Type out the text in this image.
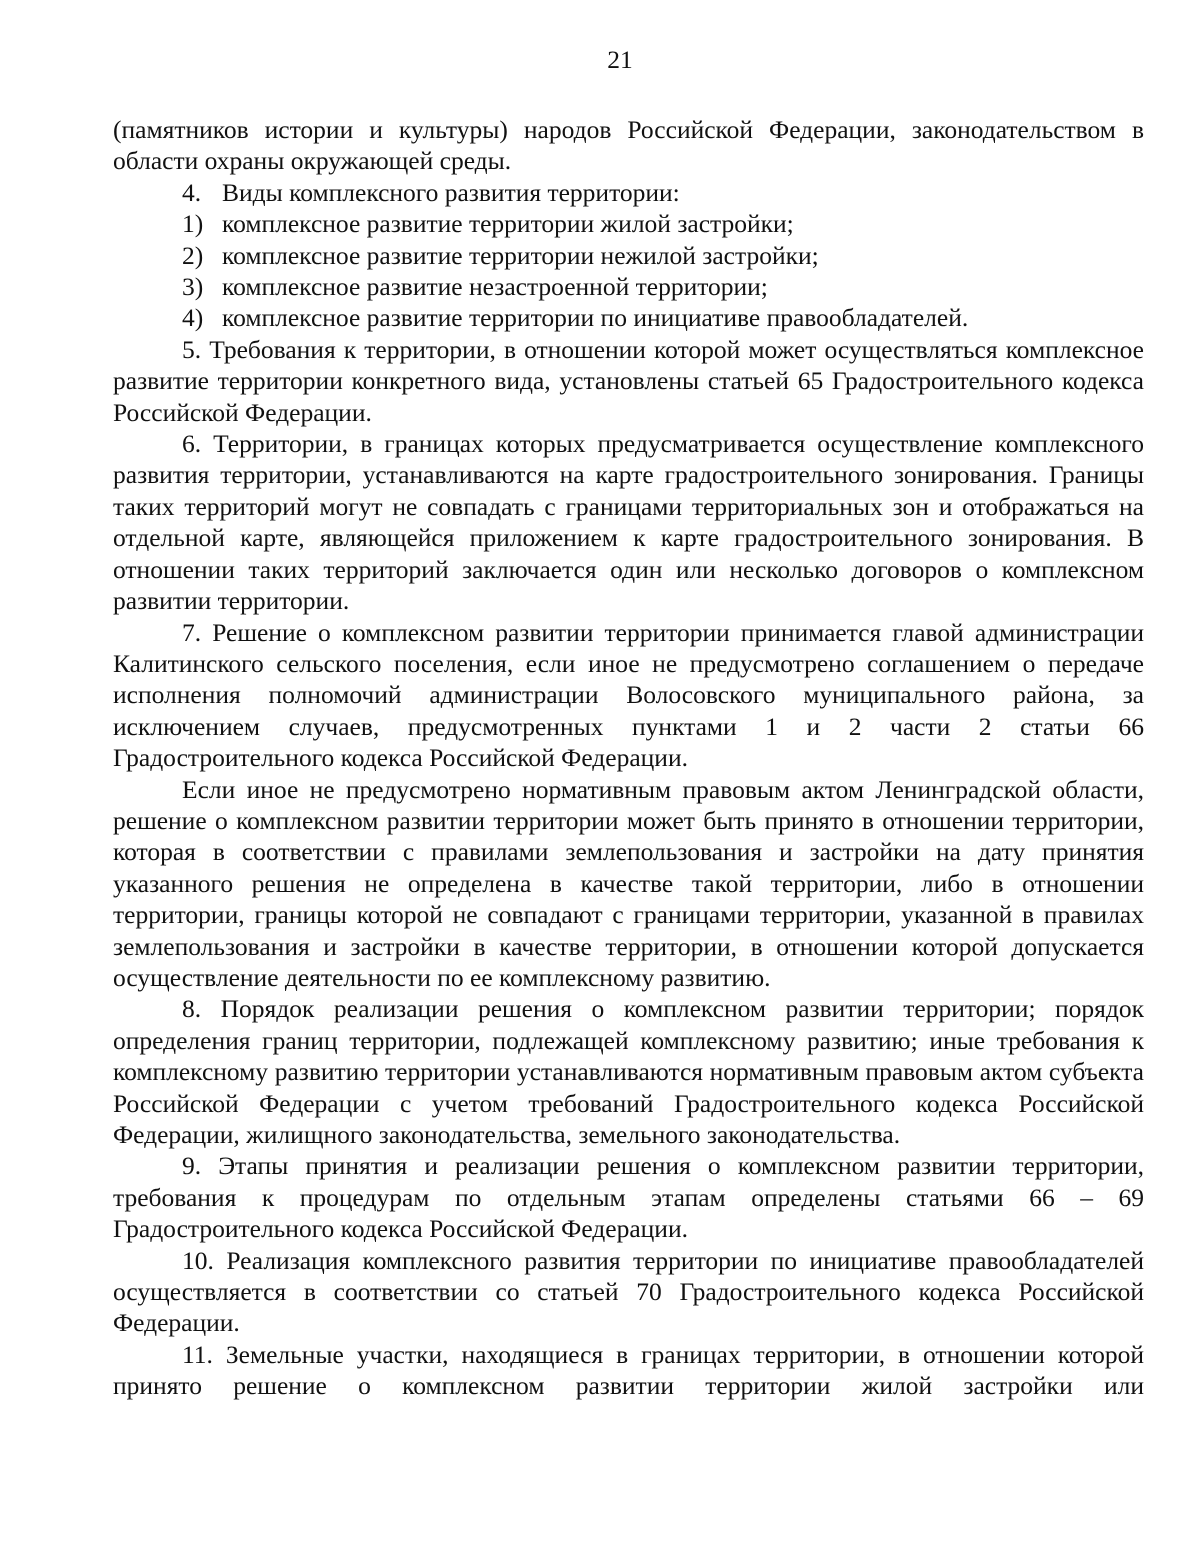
21

(памятников истории и культуры) народов Российской Федерации, законодательством в области охраны окружающей среды.

4. Виды комплексного развития территории:
1) комплексное развитие территории жилой застройки;
2) комплексное развитие территории нежилой застройки;
3) комплексное развитие незастроенной территории;
4) комплексное развитие территории по инициативе правообладателей.

5. Требования к территории, в отношении которой может осуществляться комплексное развитие территории конкретного вида, установлены статьей 65 Градостроительного кодекса Российской Федерации.

6. Территории, в границах которых предусматривается осуществление комплексного развития территории, устанавливаются на карте градостроительного зонирования. Границы таких территорий могут не совпадать с границами территориальных зон и отображаться на отдельной карте, являющейся приложением к карте градостроительного зонирования. В отношении таких территорий заключается один или несколько договоров о комплексном развитии территории.

7. Решение о комплексном развитии территории принимается главой администрации Калитинского сельского поселения, если иное не предусмотрено соглашением о передаче исполнения полномочий администрации Волосовского муниципального района, за исключением случаев, предусмотренных пунктами 1 и 2 части 2 статьи 66 Градостроительного кодекса Российской Федерации.

Если иное не предусмотрено нормативным правовым актом Ленинградской области, решение о комплексном развитии территории может быть принято в отношении территории, которая в соответствии с правилами землепользования и застройки на дату принятия указанного решения не определена в качестве такой территории, либо в отношении территории, границы которой не совпадают с границами территории, указанной в правилах землепользования и застройки в качестве территории, в отношении которой допускается осуществление деятельности по ее комплексному развитию.

8. Порядок реализации решения о комплексном развитии территории; порядок определения границ территории, подлежащей комплексному развитию; иные требования к комплексному развитию территории устанавливаются нормативным правовым актом субъекта Российской Федерации с учетом требований Градостроительного кодекса Российской Федерации, жилищного законодательства, земельного законодательства.

9. Этапы принятия и реализации решения о комплексном развитии территории, требования к процедурам по отдельным этапам определены статьями 66 – 69 Градостроительного кодекса Российской Федерации.

10. Реализация комплексного развития территории по инициативе правообладателей осуществляется в соответствии со статьей 70 Градостроительного кодекса Российской Федерации.

11. Земельные участки, находящиеся в границах территории, в отношении которой принято решение о комплексном развитии территории жилой застройки или
